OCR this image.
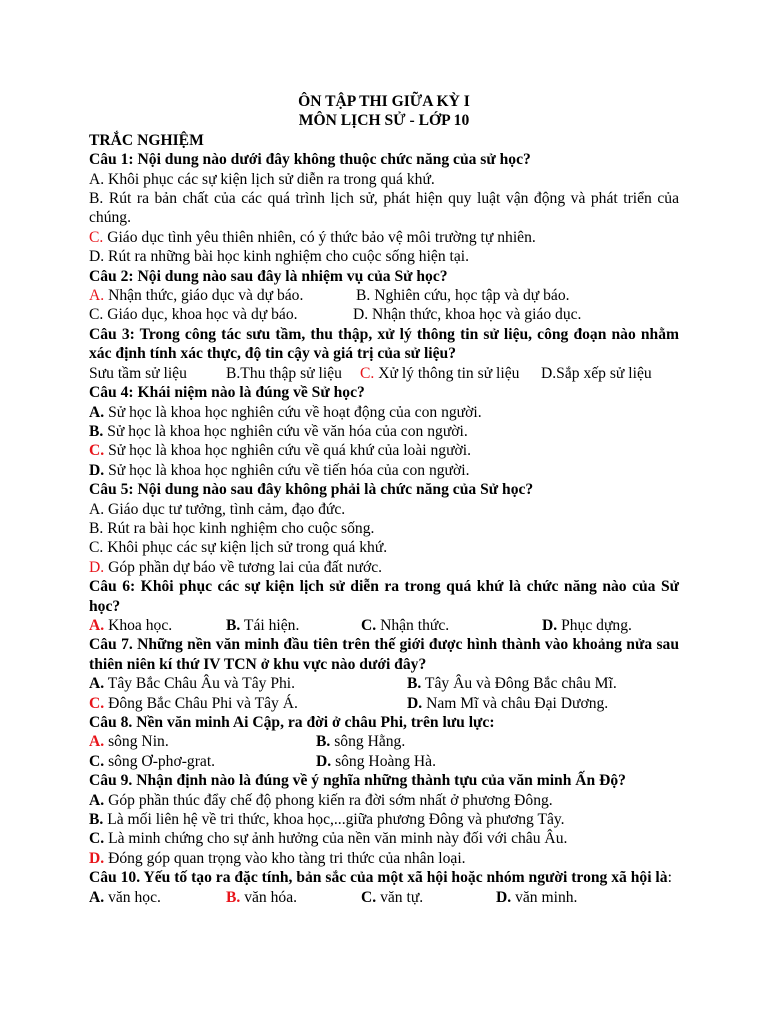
ÔN TẬP THI GIỮA KỲ I
MÔN LỊCH SỬ - LỚP 10
TRẮC NGHIỆM
Câu 1: Nội dung nào dưới đây không thuộc chức năng của sử học?
A. Khôi phục các sự kiện lịch sử diễn ra trong quá khứ.
B. Rút ra bản chất của các quá trình lịch sử, phát hiện quy luật vận động và phát triển của chúng.
C. Giáo dục tình yêu thiên nhiên, có ý thức bảo vệ môi trường tự nhiên.
D. Rút ra những bài học kinh nghiệm cho cuộc sống hiện tại.
Câu 2: Nội dung nào sau đây là nhiệm vụ của Sử học?
A. Nhận thức, giáo dục và dự báo.	B. Nghiên cứu, học tập và dự báo.
C. Giáo dục, khoa học và dự báo.	D. Nhận thức, khoa học và giáo dục.
Câu 3: Trong công tác sưu tầm, thu thập, xử lý thông tin sử liệu, công đoạn nào nhằm xác định tính xác thực, độ tin cậy và giá trị của sử liệu?
Sưu tầm sử liệu	B.Thu thập sử liệu	C. Xử lý thông tin sử liệu	D.Sắp xếp sử liệu
Câu 4: Khái niệm nào là đúng về Sử học?
A. Sử học là khoa học nghiên cứu về hoạt động của con người.
B. Sử học là khoa học nghiên cứu về văn hóa của con người.
C. Sử học là khoa học nghiên cứu về quá khứ của loài người.
D. Sử học là khoa học nghiên cứu về tiến hóa của con người.
Câu 5: Nội dung nào sau đây không phải là chức năng của Sử học?
A. Giáo dục tư tưởng, tình cảm, đạo đức.
B. Rút ra bài học kinh nghiệm cho cuộc sống.
C. Khôi phục các sự kiện lịch sử trong quá khứ.
D. Góp phần dự báo về tương lai của đất nước.
Câu 6: Khôi phục các sự kiện lịch sử diễn ra trong quá khứ là chức năng nào của Sử học?
A. Khoa học.	B. Tái hiện.	C. Nhận thức.	D. Phục dựng.
Câu 7. Những nền văn minh đầu tiên trên thế giới được hình thành vào khoảng nửa sau thiên niên kí thứ IV TCN ở khu vực nào dưới đây?
A. Tây Bắc Châu Âu và Tây Phi.	B. Tây Âu và Đông Bắc châu Mĩ.
C. Đông Bắc Châu Phi và Tây Á.	D. Nam Mĩ và châu Đại Dương.
Câu 8. Nền văn minh Ai Cập, ra đời ở châu Phi, trên lưu lực:
A. sông Nin.	B. sông Hằng.
C. sông Ơ-phơ-grat.	D. sông Hoàng Hà.
Câu 9. Nhận định nào là đúng về ý nghĩa những thành tựu của văn minh Ấn Độ?
A. Góp phần thúc đẩy chế độ phong kiến ra đời sớm nhất ở phương Đông.
B. Là mối liên hệ về tri thức, khoa học,...giữa phương Đông và phương Tây.
C. Là minh chứng cho sự ảnh hưởng của nền văn minh này đối với châu Âu.
D. Đóng góp quan trọng vào kho tàng tri thức của nhân loại.
Câu 10. Yếu tố tạo ra đặc tính, bản sắc của một xã hội hoặc nhóm người trong xã hội là:
A. văn học.	B. văn hóa.	C. văn tự.	D. văn minh.
